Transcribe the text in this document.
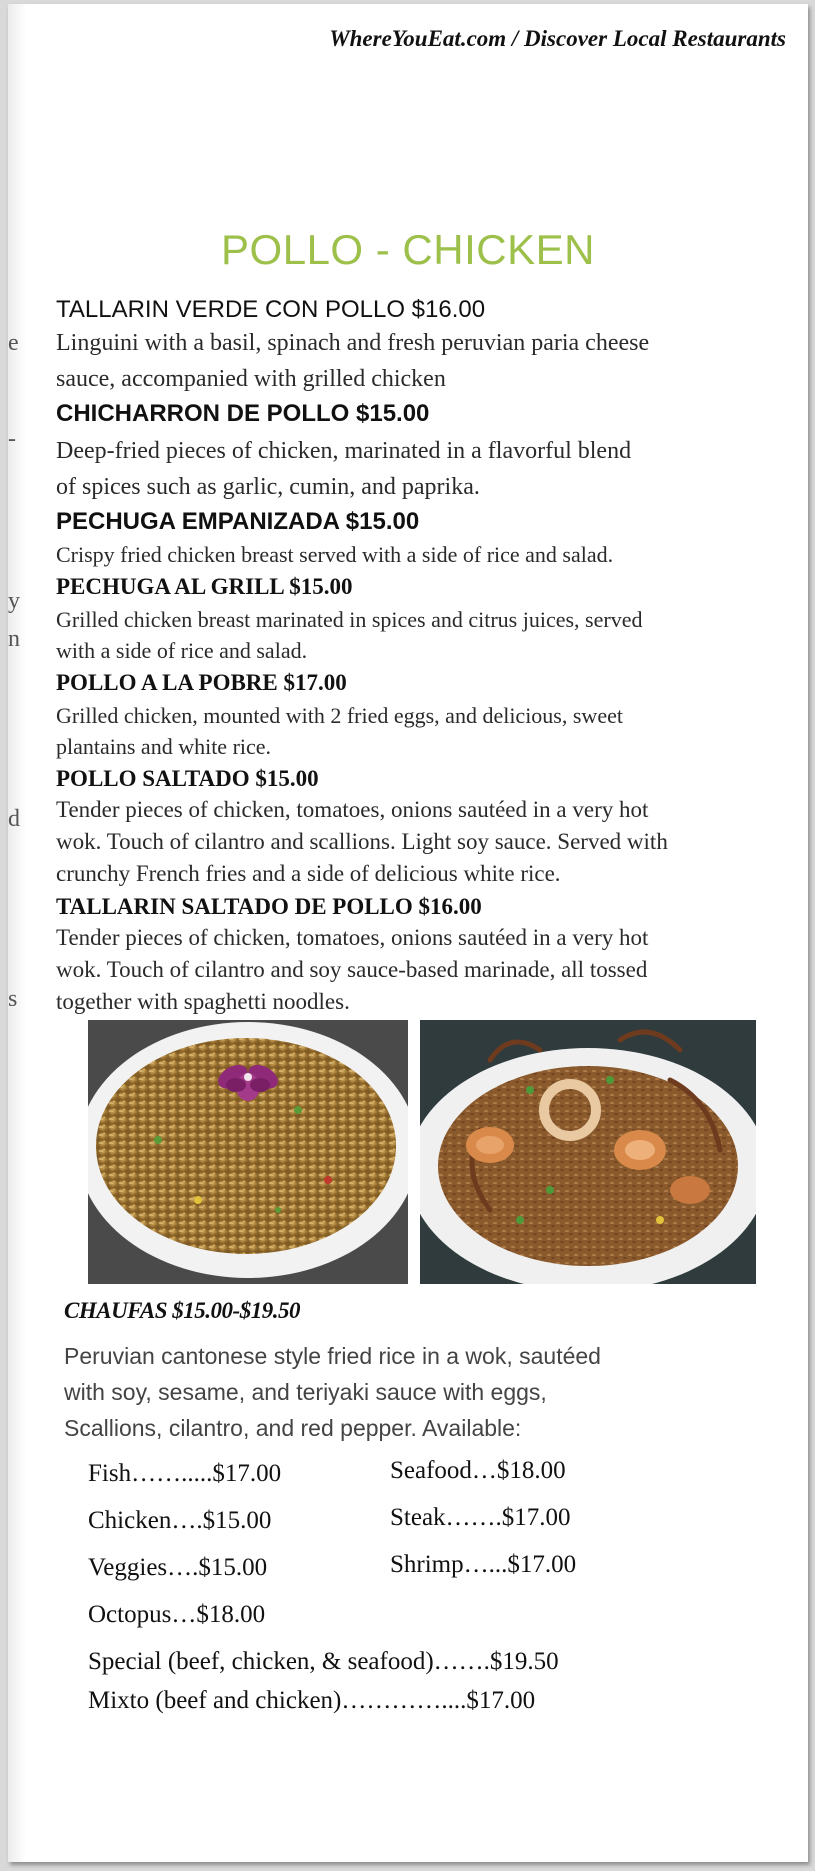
e
-
y
n
d
s
WhereYouEat.com / Discover Local Restaurants
POLLO - CHICKEN

TALLARIN VERDE CON POLLO $16.00

Linguini with a basil, spinach and fresh peruvian paria cheese

sauce, accompanied with grilled chicken

CHICHARRON DE POLLO $15.00

Deep-fried pieces of chicken, marinated in a flavorful blend

of spices such as garlic, cumin, and paprika.

PECHUGA EMPANIZADA $15.00

Crispy fried chicken breast served with a side of rice and salad.

PECHUGA AL GRILL $15.00

Grilled chicken breast marinated in spices and citrus juices, served

with a side of rice and salad.

POLLO A LA POBRE $17.00

Grilled chicken, mounted with 2 fried eggs, and delicious, sweet

plantains and white rice.

POLLO SALTADO $15.00

Tender pieces of chicken, tomatoes, onions sautéed in a very hot

wok. Touch of cilantro and scallions. Light soy sauce. Served with

crunchy French fries and a side of delicious white rice.

TALLARIN SALTADO DE POLLO $16.00

Tender pieces of chicken, tomatoes, onions sautéed in a very hot

wok. Touch of cilantro and soy sauce-based marinade, all tossed

together with spaghetti noodles.

CHAUFAS $15.00-$19.50
Peruvian cantonese style fried rice in a wok, sautéed
with soy, sesame, and teriyaki sauce with eggs,
Scallions, cilantro, and red pepper. Available:
Fish…….....$17.00	Seafood…$18.00
Chicken….$15.00	Steak…….$17.00
Veggies….$15.00	Shrimp…...$17.00
Octopus…$18.00
Special (beef, chicken, & seafood)…….$19.50
Mixto (beef and chicken)…………....$17.00
